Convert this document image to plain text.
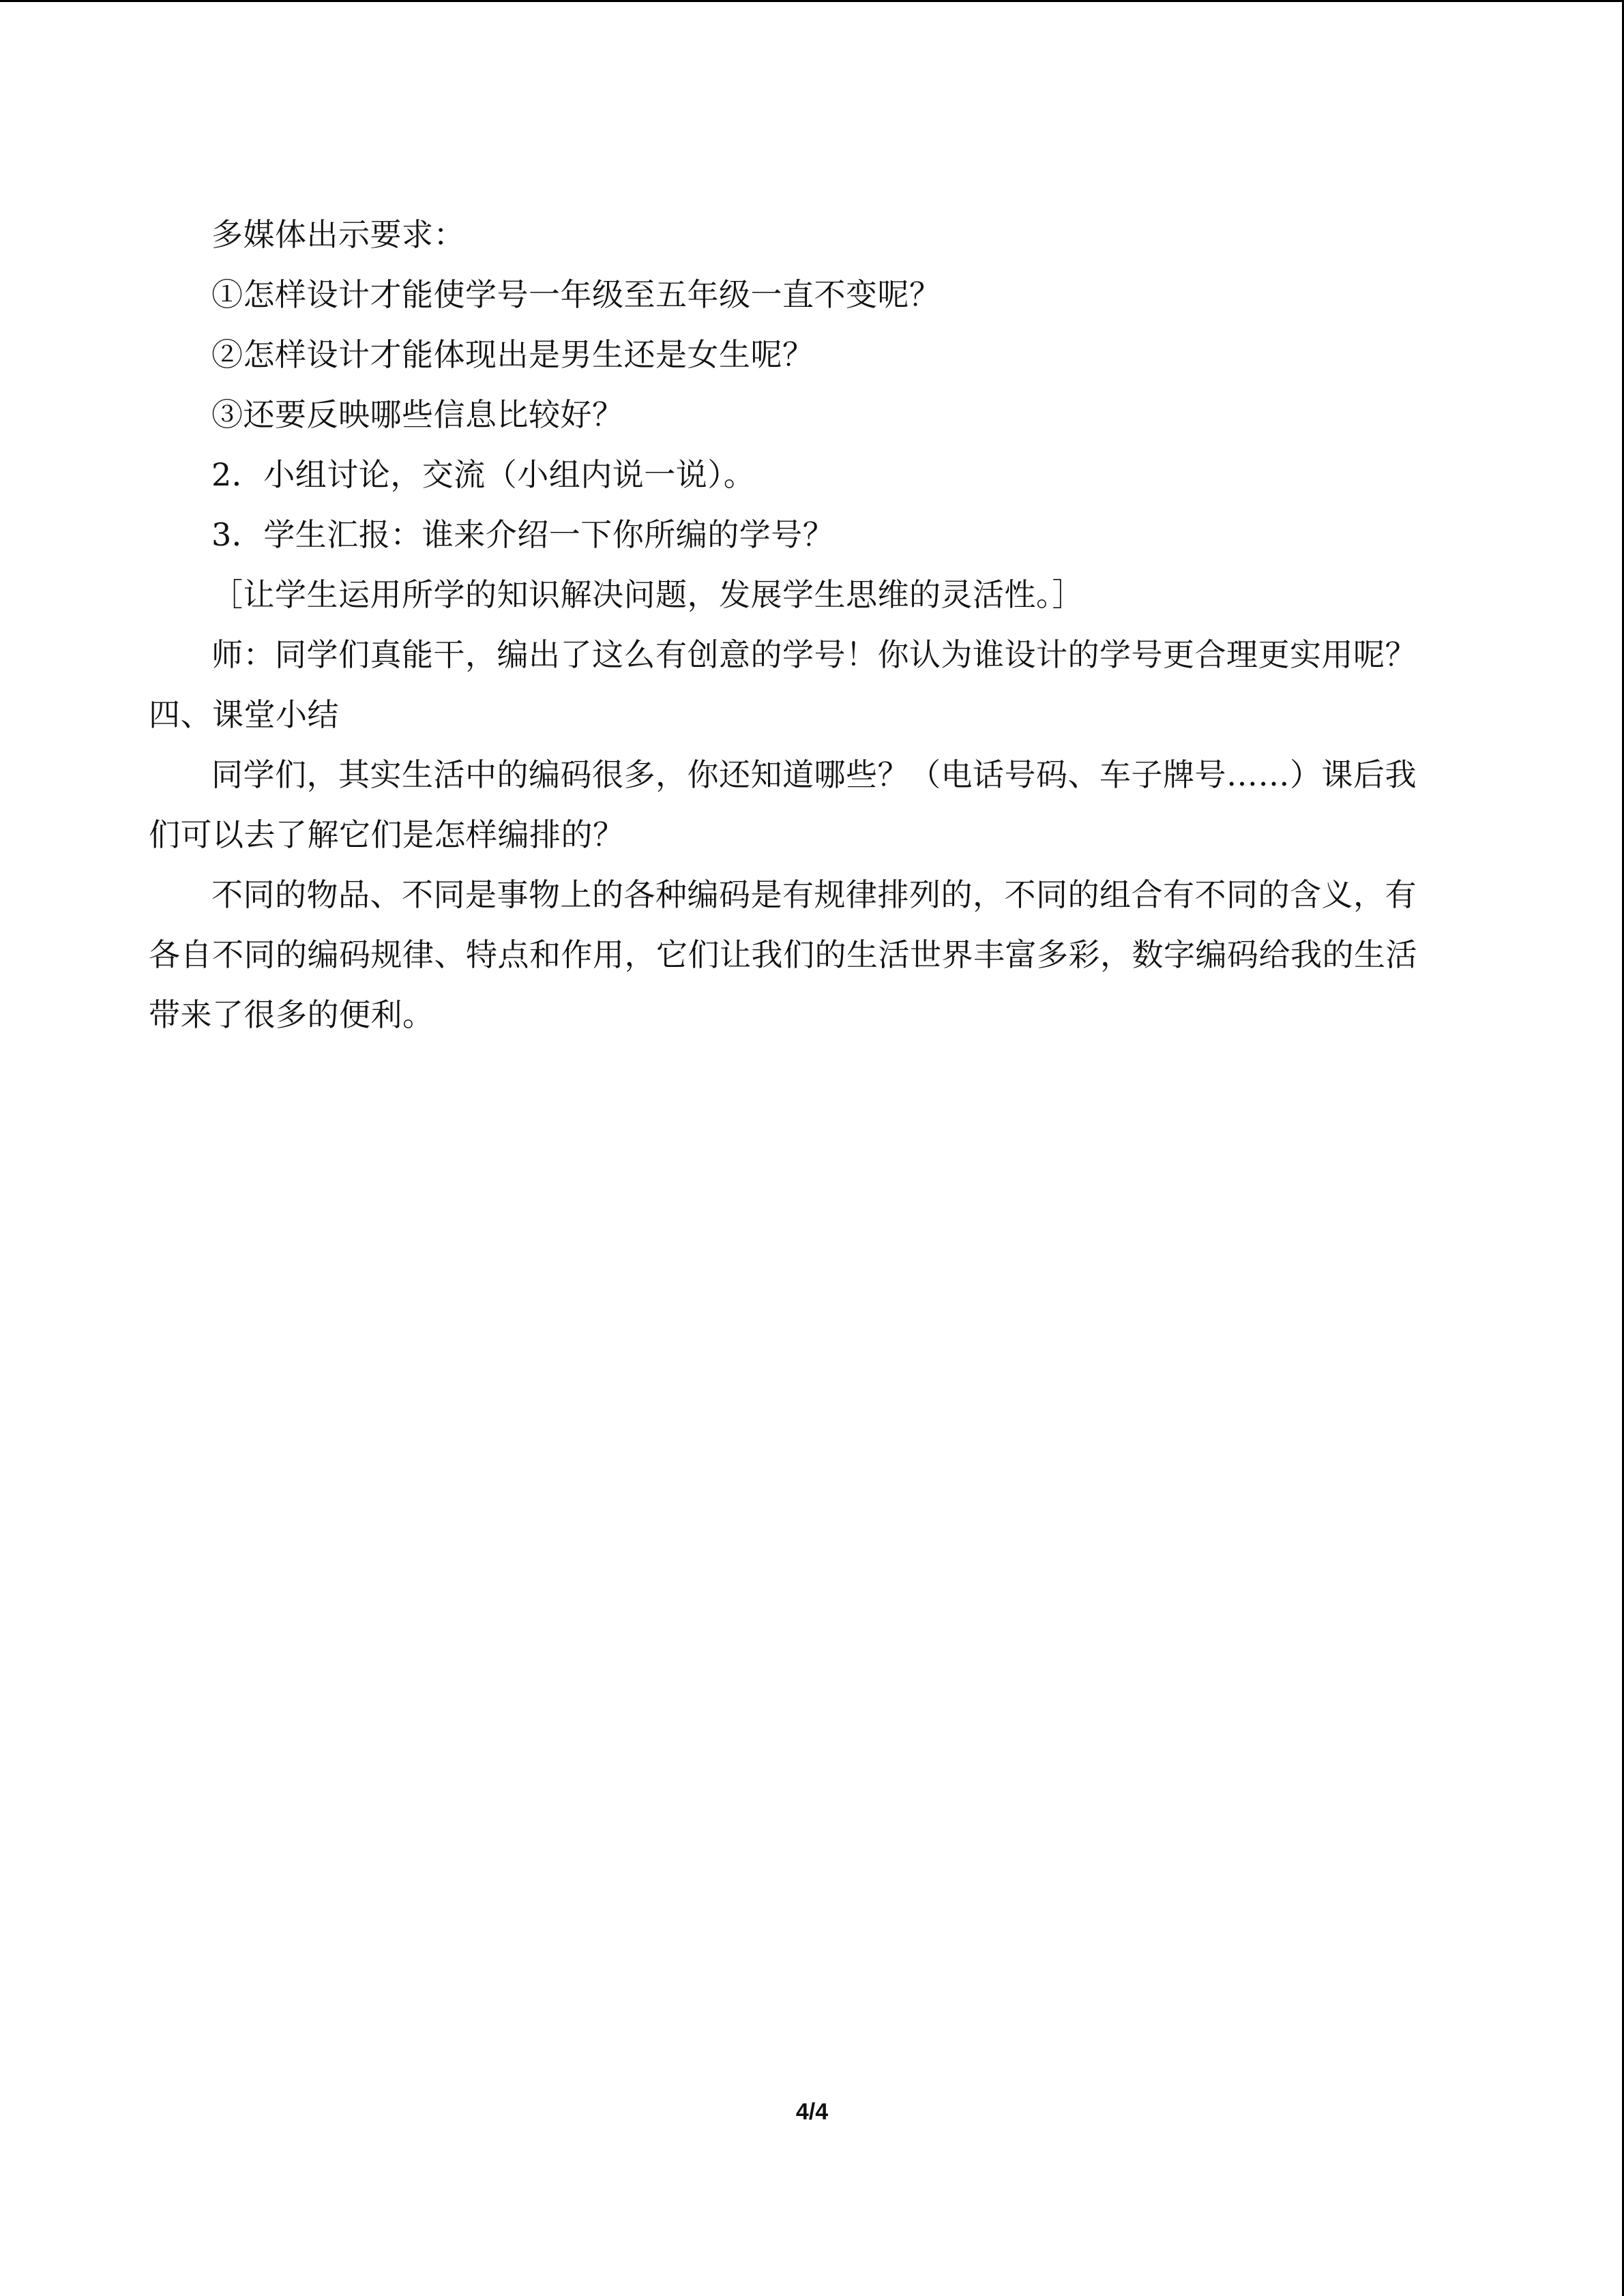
多媒体出示要求：
①怎样设计才能使学号一年级至五年级一直不变呢？
②怎样设计才能体现出是男生还是女生呢？
③还要反映哪些信息比较好？
2．小组讨论，交流（小组内说一说）。
3．学生汇报：谁来介绍一下你所编的学号？
［让学生运用所学的知识解决问题，发展学生思维的灵活性。］
师：同学们真能干，编出了这么有创意的学号！你认为谁设计的学号更合理更实用呢？
四、课堂小结
同学们，其实生活中的编码很多，你还知道哪些？（电话号码、车子牌号……）课后我
们可以去了解它们是怎样编排的？
不同的物品、不同是事物上的各种编码是有规律排列的，不同的组合有不同的含义，有
各自不同的编码规律、特点和作用，它们让我们的生活世界丰富多彩，数字编码给我的生活
带来了很多的便利。
4/4
